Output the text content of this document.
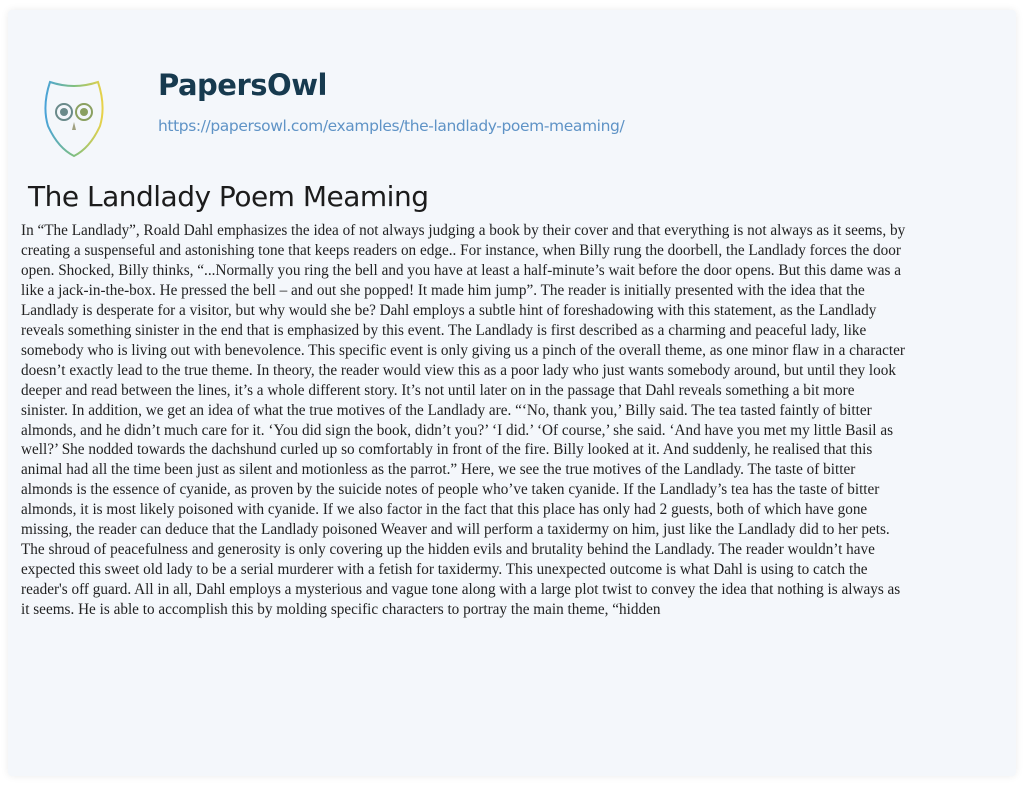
PapersOwl
https://papersowl.com/examples/the-landlady-poem-meaming/
The Landlady Poem Meaming
In “The Landlady”, Roald Dahl emphasizes the idea of not always judging a book by their cover and that everything is not always as it seems, by
creating a suspenseful and astonishing tone that keeps readers on edge.. For instance, when Billy rung the doorbell, the Landlady forces the door
open. Shocked, Billy thinks, “...Normally you ring the bell and you have at least a half-minute’s wait before the door opens. But this dame was a
like a jack-in-the-box. He pressed the bell – and out she popped! It made him jump”. The reader is initially presented with the idea that the
Landlady is desperate for a visitor, but why would she be? Dahl employs a subtle hint of foreshadowing with this statement, as the Landlady
reveals something sinister in the end that is emphasized by this event. The Landlady is first described as a charming and peaceful lady, like
somebody who is living out with benevolence. This specific event is only giving us a pinch of the overall theme, as one minor flaw in a character
doesn’t exactly lead to the true theme. In theory, the reader would view this as a poor lady who just wants somebody around, but until they look
deeper and read between the lines, it’s a whole different story. It’s not until later on in the passage that Dahl reveals something a bit more
sinister. In addition, we get an idea of what the true motives of the Landlady are. “‘No, thank you,’ Billy said. The tea tasted faintly of bitter
almonds, and he didn’t much care for it. ‘You did sign the book, didn’t you?’ ‘I did.’ ‘Of course,’ she said. ‘And have you met my little Basil as
well?’ She nodded towards the dachshund curled up so comfortably in front of the fire. Billy looked at it. And suddenly, he realised that this
animal had all the time been just as silent and motionless as the parrot.” Here, we see the true motives of the Landlady. The taste of bitter
almonds is the essence of cyanide, as proven by the suicide notes of people who’ve taken cyanide. If the Landlady’s tea has the taste of bitter
almonds, it is most likely poisoned with cyanide. If we also factor in the fact that this place has only had 2 guests, both of which have gone
missing, the reader can deduce that the Landlady poisoned Weaver and will perform a taxidermy on him, just like the Landlady did to her pets.
The shroud of peacefulness and generosity is only covering up the hidden evils and brutality behind the Landlady. The reader wouldn’t have
expected this sweet old lady to be a serial murderer with a fetish for taxidermy. This unexpected outcome is what Dahl is using to catch the
reader's off guard. All in all, Dahl employs a mysterious and vague tone along with a large plot twist to convey the idea that nothing is always as
it seems. He is able to accomplish this by molding specific characters to portray the main theme, “hidden
